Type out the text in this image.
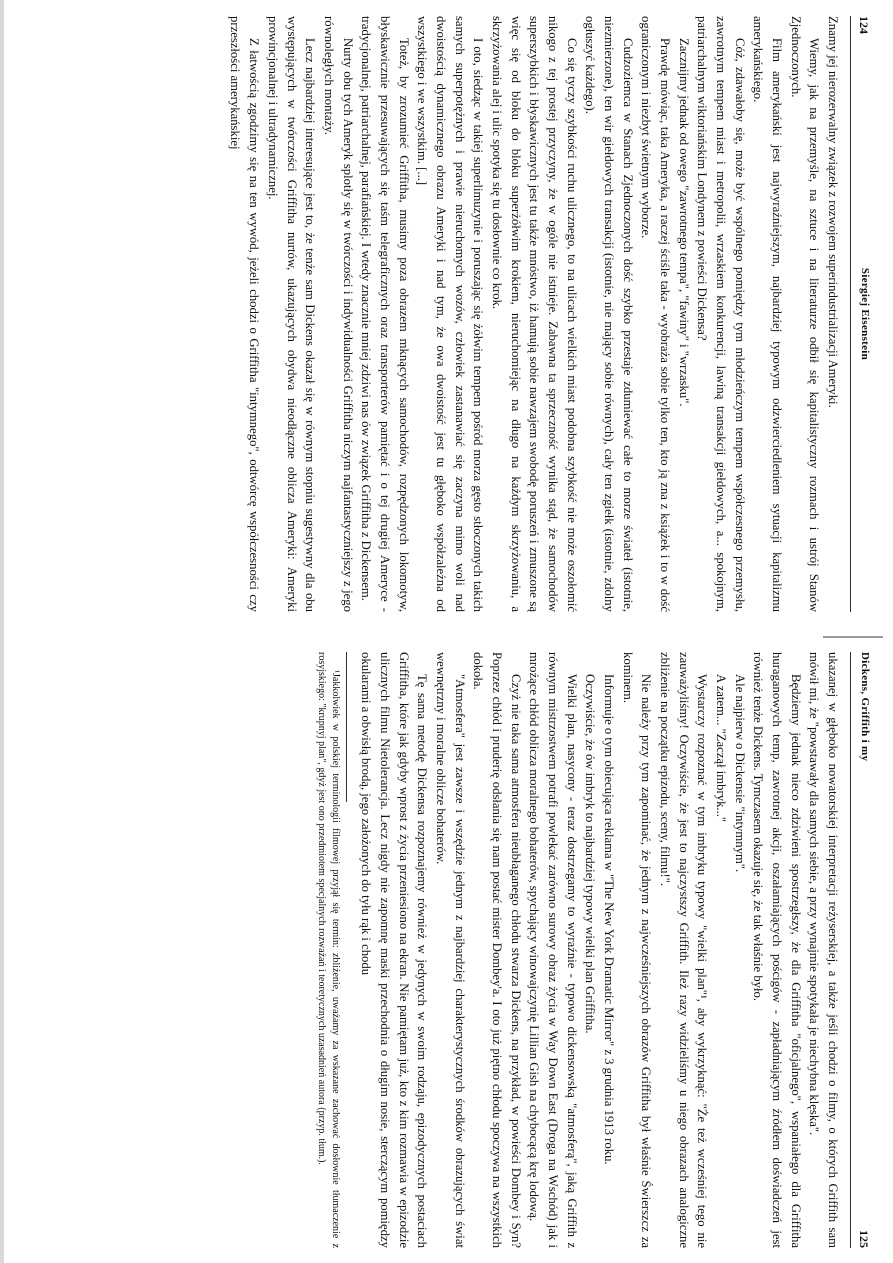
124
Siergiej Eisenstein

Znamy jej nierozerwalny związek z rozwojem superindustrializacji Ameryki.

Wiemy, jak na przemyśle, na sztuce i na literaturze odbił się kapitalistyczny rozmach i ustrój Stanów Zjednoczonych.

Film amerykański jest najwyraźniejszym, najbardziej typowym odzwierciedleniem sytuacji kapitalizmu amerykańskiego.

Cóż, zdawałoby się, może być wspólnego pomiędzy tym młodzieńczym tempem współczesnego przemysłu, zawrotnym tempem miast i metropolii, wrzaskiem konkurencji, lawiną transakcji giełdowych, a... spokojnym, patriarchalnym wiktoriańskim Londynem z powieści Dickensa?

Zacznijmy jednak od owego "zawrotnego tempa", "fawiny" i "wrzasku".

Prawdę mówiąc, taka Ameryka, a raczej ściśle taka - wyobraża sobie tylko ten, kto ją zna z książek i to w dość ograniczonym i niezbyt świetnym wyborze.

Cudzoziemca w Stanach Zjednoczonych dość szybko przestaje zdumiewać całe to morze świateł (istotnie, niezmierzone), ten wir giełdowych transakcji (istotnie, nie mający sobie równych), cały ten zgiełk (istotnie, zdolny ogłuszyć każdego).

Co się tyczy szybkości ruchu ulicznego, to na ulicach wielkich miast podobna szybkość nie może oszołomić nikogo z tej prostej przyczyny, że w ogóle nie istnieje. Zabawna ta sprzeczność wynika stąd, że samochodów superszybkich i błyskawicznych jest tu także mnóstwo, iż hamują sobie nawzajem swobodę poruszeń i zmuszone są więc się od bloku do bloku superżółwim krokiem, nieruchomiejąc na długo na każdym skrzyżowaniu, a skrzyżowania alej i ulic spotyka się tu dosłownie co krok.

I oto, siedząc w takiej superlimuzynie i poruszając się żółwim tempem pośród morza gęsto stłoczonych takich samych superpotężnych i prawie nieruchomych wozów, człowiek zastanawiać się zaczyna mimo woli nad dwoistością dynamicznego obrazu Ameryki i nad tym, że owa dwoistość jest tu głęboko współzależna od wszystkiego i we wszystkim. [...]

Toteż, by zrozumieć Griffitha, musimy poza obrazem mknących samochodów, rozpędzonych lokomotyw, błyskawicznie przesuwających się taśm telegraficznych oraz transporterów pamiętać i o tej drugiej Ameryce - tradycjonalnej, patriarchalnej, parafiańskiej. I wtedy znacznie mniej zdziwi nas ów związek Griffitha z Dickensem.

Nurty obu tych Ameryk splotły się w twórczości i indywidualności Griffitha niczym najfantastyczniejszy z jego równoległych montaży.

Lecz najbardziej interesujące jest to, że tenże sam Dickens okazał się w równym stopniu sugestywny dla obu występujących w twórczości Griffitha nurtów, ukazujących obydwa nieodłączne oblicza Ameryki: Ameryki prowincjonalnej i ultradynamicznej.

Z łatwością zgodzimy się na ten wywód, jeżeli chodzi o Griffitha "intymnego", odtwórcę współczesności czy przeszłości amerykańskiej

Dickens, Griffith i my
125

ukazanej w głęboko nowatorskiej interpretacji reżyserskiej, a także jeśli chodzi o filmy, o których Griffith sam mówił mi, że "powstawały dla samych siebie, a przy wynajmie spotykała je niechybna klęska".

Będziemy jednak nieco zdziwieni spostrzegłszy, że dla Griffitha "oficjalnego", wspaniałego dla Griffitha huraganowych temp, zawrotnej akcji, oszałamiających pościgów - zapładniającym źródłem doświadczeń jest również tenże Dickens. Tymczasem okazuje się, że tak właśnie było.

Ale najpierw o Dickensie "intymnym".

A zatem... "Zaczął imbryk..."

Wystarczy rozpoznać w tym imbryku typowy "wielki plan"¹, aby wykrzyknąć: "Że też wcześniej tego nie zauważyliśmy! Oczywiście, że jest to najczystszy Griffith. Ileż razy widzieliśmy u niego obrazach analogiczne zbliżenie na początku epizodu, sceny, filmu!".

Nie należy przy tym zapominać, że jednym z najwcześniejszych obrazów Griffitha był właśnie Świerszcz za kominem.

Informuje o tym obiecująca reklama w "The New York Dramatic Mirror" z 3 grudnia 1913 roku.

Oczywiście, że ów imbryk to najbardziej typowy wielki plan Griffitha.

Wielki plan, nasycony - teraz dostrzegamy to wyraźnie - typowo dickensowską "atmosferą", jaką Griffith z równym mistrzostwem potrafi powlekać zarówno surowy obraz życia w Way Down East (Droga na Wschód) jak i mroźące chłód oblicza moralnego bohaterów, spychający winowajczynię Lillian Gish na chybocącą krę lodową.

Czyż nie taka sama atmosfera nieubłaganego chłodu stwarza Dickens, na przykład, w powieści Dombey i Syn? Poprzez chłód i pruderię odsłania się nam postać mister Dombey'a. I oto już piętno chłodu spoczywa na wszystkich dokoła.

"Atmosfera" jest zawsze i wszędzie jednym z najbardziej charakterystycznych środków obrazujących świat wewnętrzny i moralne oblicze bohaterów.

Tę sama metodę Dickensa rozpoznajemy również w jedynych w swoim rodzaju, epizodycznych postaciach Griffitha, które jak gdyby wprost z życia przeniesiono na ekran. Nie pamiętam już, kto z kim rozmawia w epizodzie ulicznych filmu Nietolerancja. Lecz nigdy nie zapomnę maski przechodnia o długim nosie, sterczącym pomiędzy okularami a obwisłą brodą, jego założonych do tyłu rąk i chodu

¹Jakkolwiek w polskiej terminologii filmowej przyjął się termin: zbliżenie, uważamy za wskazane zachować dosłownie tłumaczenie z rosyjskiego: "krupnyj plan", gdyż jest ono przedmiotem specjalnych rozważań i teoretycznych uzasadnień autora (przyp. tłum.).
